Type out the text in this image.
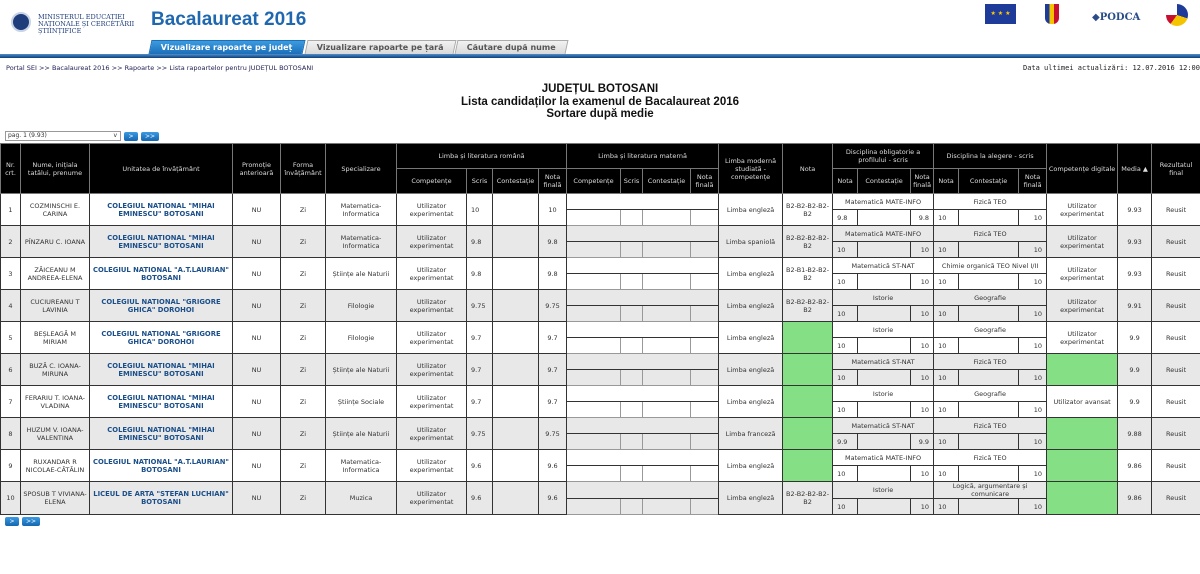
MINISTERUL EDUCAȚIEI NAȚIONALE ȘI CERCETĂRII ȘTIINȚIFICE
Bacalaureat 2016	★ ★ ★	◆PODCA
Vizualizare rapoarte pe județ	Vizualizare rapoarte pe țară	Căutare după nume
Portal SEI >> Bacalaureat 2016 >> Rapoarte >> Lista rapoartelor pentru JUDEȚUL BOTOSANI	Data ultimei actualizări: 12.07.2016 12:00
JUDEȚUL BOTOSANI
Lista candidaților la examenul de Bacalaureat 2016
Sortare după medie
pag. 1 (9.93) v	>	>>
Nr. crt.	Nume, inițiala tatălui, prenume	Unitatea de învățământ	Promoție anterioară	Forma învățământ	Specializare	Limba și literatura română				Limba și literatura maternă				Limba modernă studiată - competențe	Nota	Disciplina obligatorie a profilului - scris			Disciplina la alegere - scris			Competențe digitale	Media ▲	Rezultatul final
						Competențe	Scris	Contestație	Nota finală	Competențe	Scris	Contestație	Nota finală			Nota	Contestație	Nota finală	Nota	Contestație	Nota finală			
1	COZMINSCHI E. CARINA	COLEGIUL NATIONAL "MIHAI EMINESCU" BOTOSANI	NU	Zi	Matematica-Informatica	Utilizator experimentat	10		10					Limba engleză	B2-B2-B2-B2-B2	Matematică MATE-INFO			Fizică TEO			Utilizator experimentat	9.93	Reusit
																9.8		9.8	10		10			
2	PÎNZARU C. IOANA	COLEGIUL NATIONAL "MIHAI EMINESCU" BOTOSANI	NU	Zi	Matematica-Informatica	Utilizator experimentat	9.8		9.8					Limba spaniolă	B2-B2-B2-B2-B2	Matematică MATE-INFO			Fizică TEO			Utilizator experimentat	9.93	Reusit
																10		10	10		10			
3	ZĂICEANU M ANDREEA-ELENA	COLEGIUL NATIONAL "A.T.LAURIAN" BOTOSANI	NU	Zi	Științe ale Naturii	Utilizator experimentat	9.8		9.8					Limba engleză	B2-B1-B2-B2-B2	Matematică ST-NAT			Chimie organică TEO Nivel I/II			Utilizator experimentat	9.93	Reusit
																10		10	10		10			
4	CUCIUREANU T LAVINIA	COLEGIUL NATIONAL "GRIGORE GHICA" DOROHOI	NU	Zi	Filologie	Utilizator experimentat	9.75		9.75					Limba engleză	B2-B2-B2-B2-B2	Istorie			Geografie			Utilizator experimentat	9.91	Reusit
																10		10	10		10			
5	BEȘLEAGĂ M MIRIAM	COLEGIUL NATIONAL "GRIGORE GHICA" DOROHOI	NU	Zi	Filologie	Utilizator experimentat	9.7		9.7					Limba engleză		Istorie			Geografie			Utilizator experimentat	9.9	Reusit
																10		10	10		10			
6	BUZĂ C. IOANA-MIRUNA	COLEGIUL NATIONAL "MIHAI EMINESCU" BOTOSANI	NU	Zi	Științe ale Naturii	Utilizator experimentat	9.7		9.7					Limba engleză		Matematică ST-NAT			Fizică TEO				9.9	Reusit
																10		10	10		10			
7	FERARIU T. IOANA-VLADINA	COLEGIUL NATIONAL "MIHAI EMINESCU" BOTOSANI	NU	Zi	Științe Sociale	Utilizator experimentat	9.7		9.7					Limba engleză		Istorie			Geografie			Utilizator avansat	9.9	Reusit
																10		10	10		10			
8	HUZUM V. IOANA-VALENTINA	COLEGIUL NATIONAL "MIHAI EMINESCU" BOTOSANI	NU	Zi	Științe ale Naturii	Utilizator experimentat	9.75		9.75					Limba franceză		Matematică ST-NAT			Fizică TEO				9.88	Reusit
																9.9		9.9	10		10			
9	RUXANDAR R NICOLAE-CĂTĂLIN	COLEGIUL NATIONAL "A.T.LAURIAN" BOTOSANI	NU	Zi	Matematica-Informatica	Utilizator experimentat	9.6		9.6					Limba engleză		Matematică MATE-INFO			Fizică TEO				9.86	Reusit
																10		10	10		10			
10	SPOSUB T VIVIANA-ELENA	LICEUL DE ARTA "STEFAN LUCHIAN" BOTOSANI	NU	Zi	Muzica	Utilizator experimentat	9.6		9.6					Limba engleză	B2-B2-B2-B2-B2	Istorie			Logică, argumentare și comunicare				9.86	Reusit
																10		10	10		10			
>	>>
